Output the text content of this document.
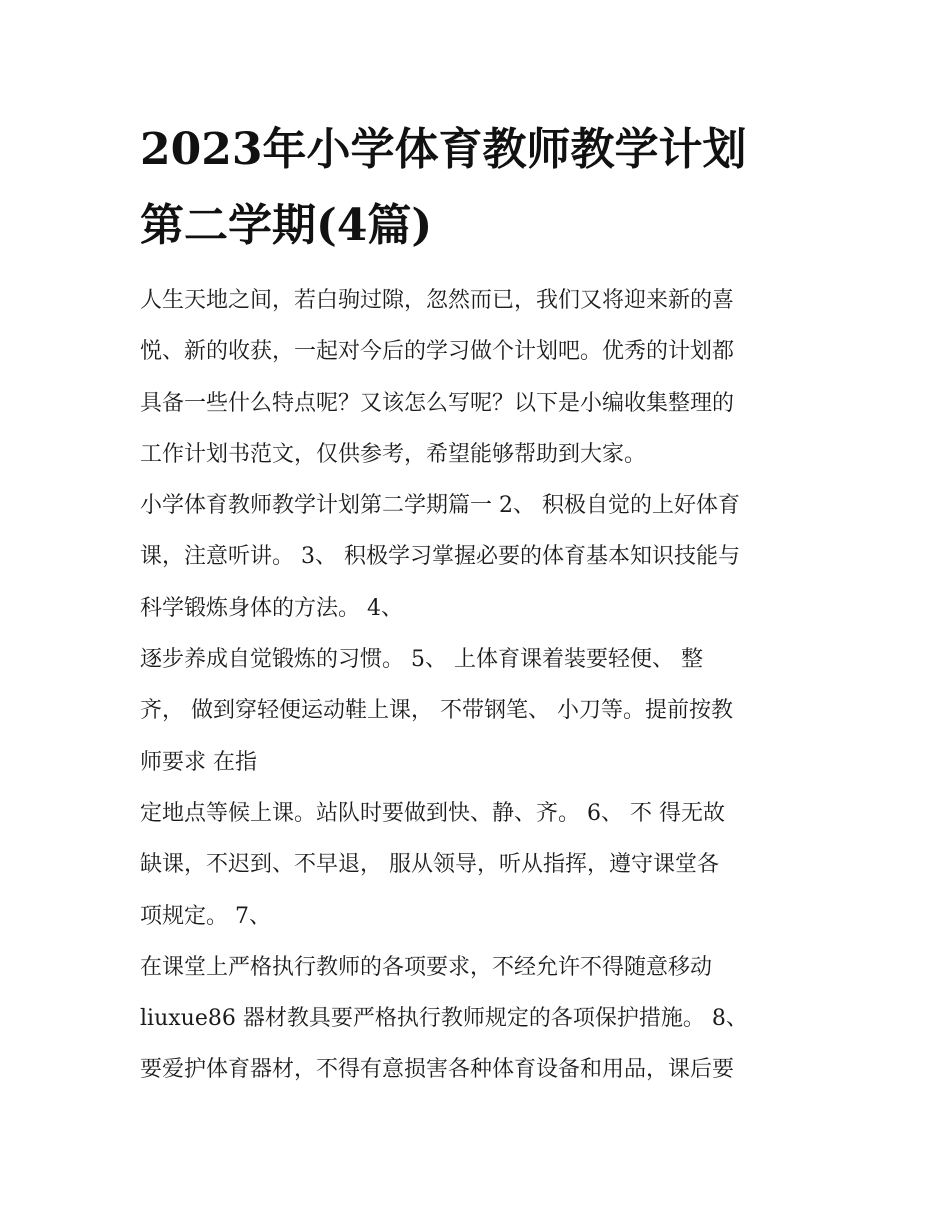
2023年小学体育教师教学计划
第二学期(4篇)
人生天地之间，若白驹过隙，忽然而已，我们又将迎来新的喜
悦、新的收获，一起对今后的学习做个计划吧。优秀的计划都
具备一些什么特点呢？又该怎么写呢？以下是小编收集整理的
工作计划书范文，仅供参考，希望能够帮助到大家。
小学体育教师教学计划第二学期篇一 2、 积极自觉的上好体育
课，注意听讲。 3、 积极学习掌握必要的体育基本知识技能与
科学锻炼身体的方法。 4、
逐步养成自觉锻炼的习惯。 5、 上体育课着装要轻便、 整
齐， 做到穿轻便运动鞋上课， 不带钢笔、 小刀等。提前按教
师要求 在指
定地点等候上课。站队时要做到快、静、齐。 6、 不 得无故
缺课，不迟到、不早退， 服从领导，听从指挥，遵守课堂各
项规定。 7、
在课堂上严格执行教师的各项要求，不经允许不得随意移动
liuxue86 器材教具要严格执行教师规定的各项保护措施。 8、
要爱护体育器材，不得有意损害各种体育设备和用品，课后要
